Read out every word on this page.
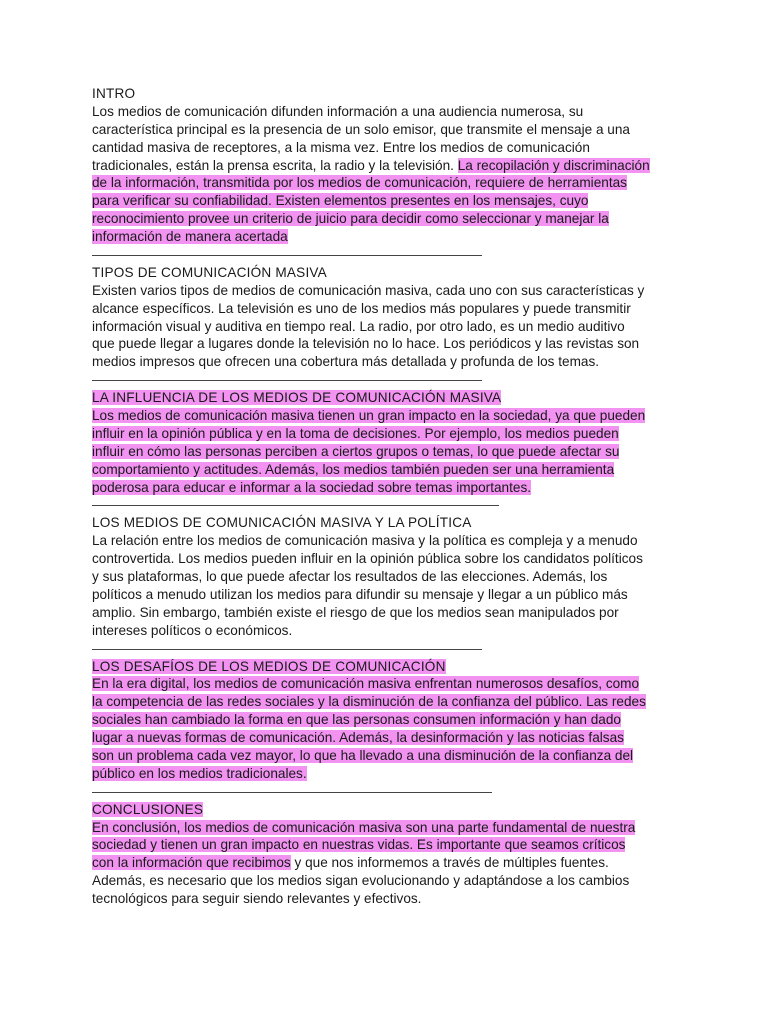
INTRO
Los medios de comunicación difunden información a una audiencia numerosa, su
característica principal es la presencia de un solo emisor, que transmite el mensaje a una
cantidad masiva de receptores, a la misma vez. Entre los medios de comunicación
tradicionales, están la prensa escrita, la radio y la televisión. La recopilación y discriminación
de la información, transmitida por los medios de comunicación, requiere de herramientas
para verificar su confiabilidad. Existen elementos presentes en los mensajes, cuyo
reconocimiento provee un criterio de juicio para decidir como seleccionar y manejar la
información de manera acertada
TIPOS DE COMUNICACIÓN MASIVA
Existen varios tipos de medios de comunicación masiva, cada uno con sus características y
alcance específicos. La televisión es uno de los medios más populares y puede transmitir
información visual y auditiva en tiempo real. La radio, por otro lado, es un medio auditivo
que puede llegar a lugares donde la televisión no lo hace. Los periódicos y las revistas son
medios impresos que ofrecen una cobertura más detallada y profunda de los temas.
LA INFLUENCIA DE LOS MEDIOS DE COMUNICACIÓN MASIVA
Los medios de comunicación masiva tienen un gran impacto en la sociedad, ya que pueden
influir en la opinión pública y en la toma de decisiones. Por ejemplo, los medios pueden
influir en cómo las personas perciben a ciertos grupos o temas, lo que puede afectar su
comportamiento y actitudes. Además, los medios también pueden ser una herramienta
poderosa para educar e informar a la sociedad sobre temas importantes.
LOS MEDIOS DE COMUNICACIÓN MASIVA Y LA POLÍTICA
La relación entre los medios de comunicación masiva y la política es compleja y a menudo
controvertida. Los medios pueden influir en la opinión pública sobre los candidatos políticos
y sus plataformas, lo que puede afectar los resultados de las elecciones. Además, los
políticos a menudo utilizan los medios para difundir su mensaje y llegar a un público más
amplio. Sin embargo, también existe el riesgo de que los medios sean manipulados por
intereses políticos o económicos.
LOS DESAFÍOS DE LOS MEDIOS DE COMUNICACIÓN
En la era digital, los medios de comunicación masiva enfrentan numerosos desafíos, como
la competencia de las redes sociales y la disminución de la confianza del público. Las redes
sociales han cambiado la forma en que las personas consumen información y han dado
lugar a nuevas formas de comunicación. Además, la desinformación y las noticias falsas
son un problema cada vez mayor, lo que ha llevado a una disminución de la confianza del
público en los medios tradicionales.
CONCLUSIONES
En conclusión, los medios de comunicación masiva son una parte fundamental de nuestra
sociedad y tienen un gran impacto en nuestras vidas. Es importante que seamos críticos
con la información que recibimos y que nos informemos a través de múltiples fuentes.
Además, es necesario que los medios sigan evolucionando y adaptándose a los cambios
tecnológicos para seguir siendo relevantes y efectivos.
